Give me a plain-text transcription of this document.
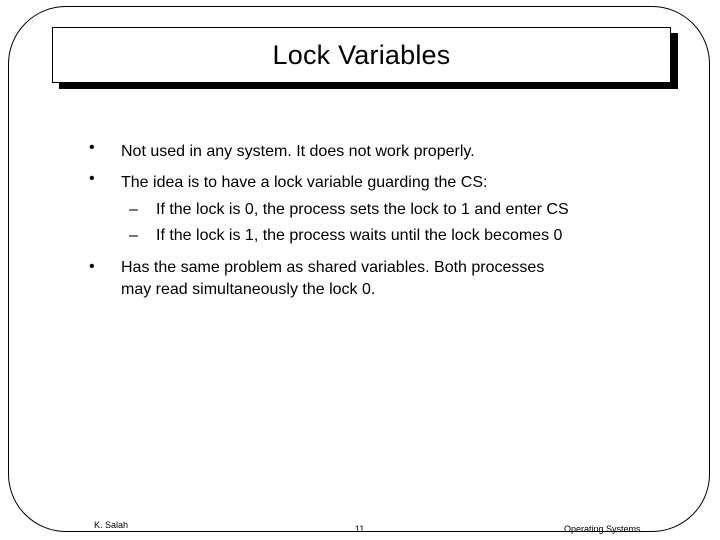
Lock Variables
• Not used in any system. It does not work properly.
• The idea is to have a lock variable guarding the CS:
– If the lock is 0, the process sets the lock to 1 and enter CS
– If the lock is 1, the process waits until the lock becomes 0
• Has the same problem as shared variables. Both processes
may read simultaneously the lock 0.
K. Salah	11	Operating Systems
